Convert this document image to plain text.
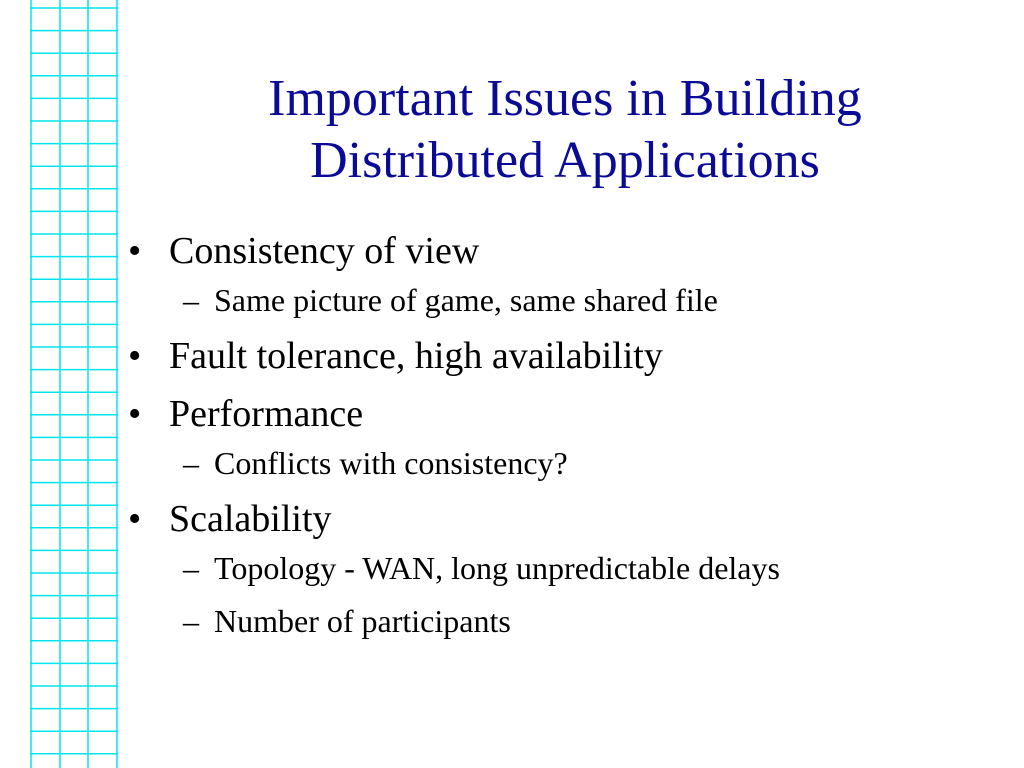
Important Issues in Building
Distributed Applications
• Consistency of view
– Same picture of game, same shared file
• Fault tolerance, high availability
• Performance
– Conflicts with consistency?
• Scalability
– Topology - WAN, long unpredictable delays
– Number of participants
